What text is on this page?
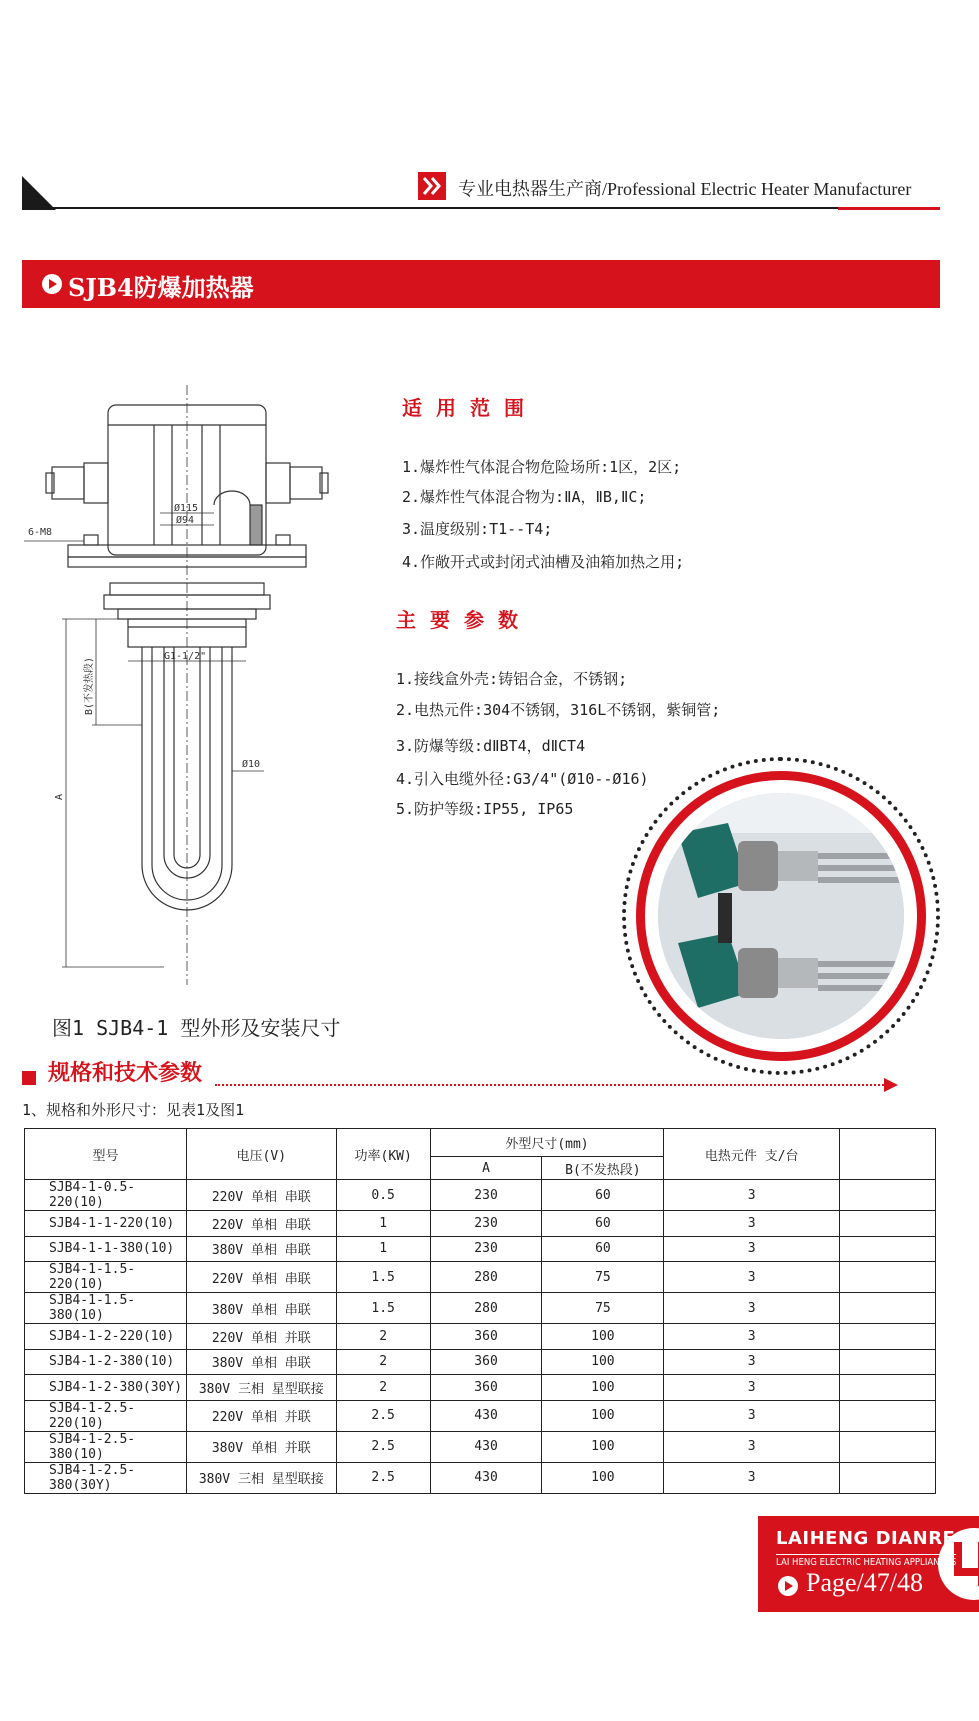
专业电热器生产商/Professional Electric Heater Manufacturer
SJB4防爆加热器
6-M8
Ø115
Ø94
G1-1/2"
Ø10
B(不发热段)
A
适用范围
1.爆炸性气体混合物危险场所:1区，2区;
2.爆炸性气体混合物为:ⅡA，ⅡB,ⅡC;
3.温度级别:T1--T4;
4.作敞开式或封闭式油槽及油箱加热之用;
主要参数
1.接线盒外壳:铸铝合金，不锈钢;
2.电热元件:304不锈钢，316L不锈钢，紫铜管;
3.防爆等级:dⅡBT4，dⅡCT4
4.引入电缆外径:G3/4"(Ø10--Ø16)
5.防护等级:IP55, IP65
图1 SJB4-1 型外形及安装尺寸
规格和技术参数
1、规格和外形尺寸：见表1及图1
型号	电压(V)	功率(KW)	外型尺寸(mm)		电热元件 支/台	
			A	B(不发热段)		
SJB4-1-0.5-220(10)	220V 单相 串联	0.5	230	60	3	
SJB4-1-1-220(10)	220V 单相 串联	1	230	60	3	
SJB4-1-1-380(10)	380V 单相 串联	1	230	60	3	
SJB4-1-1.5-220(10)	220V 单相 串联	1.5	280	75	3	
SJB4-1-1.5-380(10)	380V 单相 串联	1.5	280	75	3	
SJB4-1-2-220(10)	220V 单相 并联	2	360	100	3	
SJB4-1-2-380(10)	380V 单相 串联	2	360	100	3	
SJB4-1-2-380(30Y)	380V 三相 星型联接	2	360	100	3	
SJB4-1-2.5-220(10)	220V 单相 并联	2.5	430	100	3	
SJB4-1-2.5-380(10)	380V 单相 并联	2.5	430	100	3	
SJB4-1-2.5-380(30Y)	380V 三相 星型联接	2.5	430	100	3	
LAIHENG DIANRE
LAI HENG ELECTRIC HEATING APPLIANCES
Page/47/48
